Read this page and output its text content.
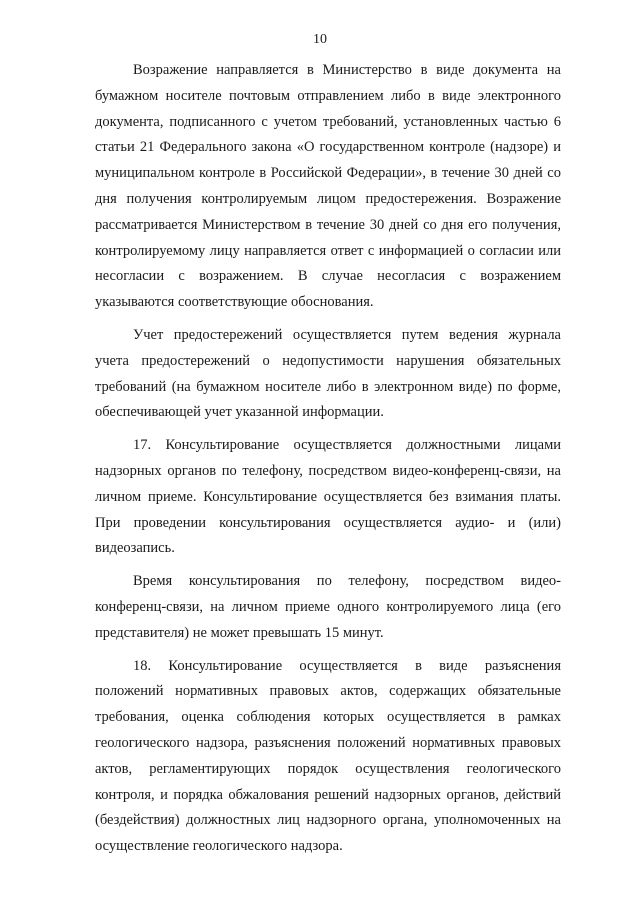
10

Возражение направляется в Министерство в виде документа на бумажном носителе почтовым отправлением либо в виде электронного документа, подписанного с учетом требований, установленных частью 6 статьи 21 Федерального закона «О государственном контроле (надзоре) и муниципальном контроле в Российской Федерации», в течение 30 дней со дня получения контролируемым лицом предостережения. Возражение рассматривается Министерством в течение 30 дней со дня его получения, контролируемому лицу направляется ответ с информацией о согласии или несогласии с возражением. В случае несогласия с возражением указываются соответствующие обоснования.

Учет предостережений осуществляется путем ведения журнала учета предостережений о недопустимости нарушения обязательных требований (на бумажном носителе либо в электронном виде) по форме, обеспечивающей учет указанной информации.

17. Консультирование осуществляется должностными лицами надзорных органов по телефону, посредством видео-конференц-связи, на личном приеме. Консультирование осуществляется без взимания платы. При проведении консультирования осуществляется аудио- и (или) видеозапись.

Время консультирования по телефону, посредством видео-конференц-связи, на личном приеме одного контролируемого лица (его представителя) не может превышать 15 минут.

18. Консультирование осуществляется в виде разъяснения положений нормативных правовых актов, содержащих обязательные требования, оценка соблюдения которых осуществляется в рамках геологического надзора, разъяснения положений нормативных правовых актов, регламентирующих порядок осуществления геологического контроля, и порядка обжалования решений надзорных органов, действий (бездействия) должностных лиц надзорного органа, уполномоченных на осуществление геологического надзора.
